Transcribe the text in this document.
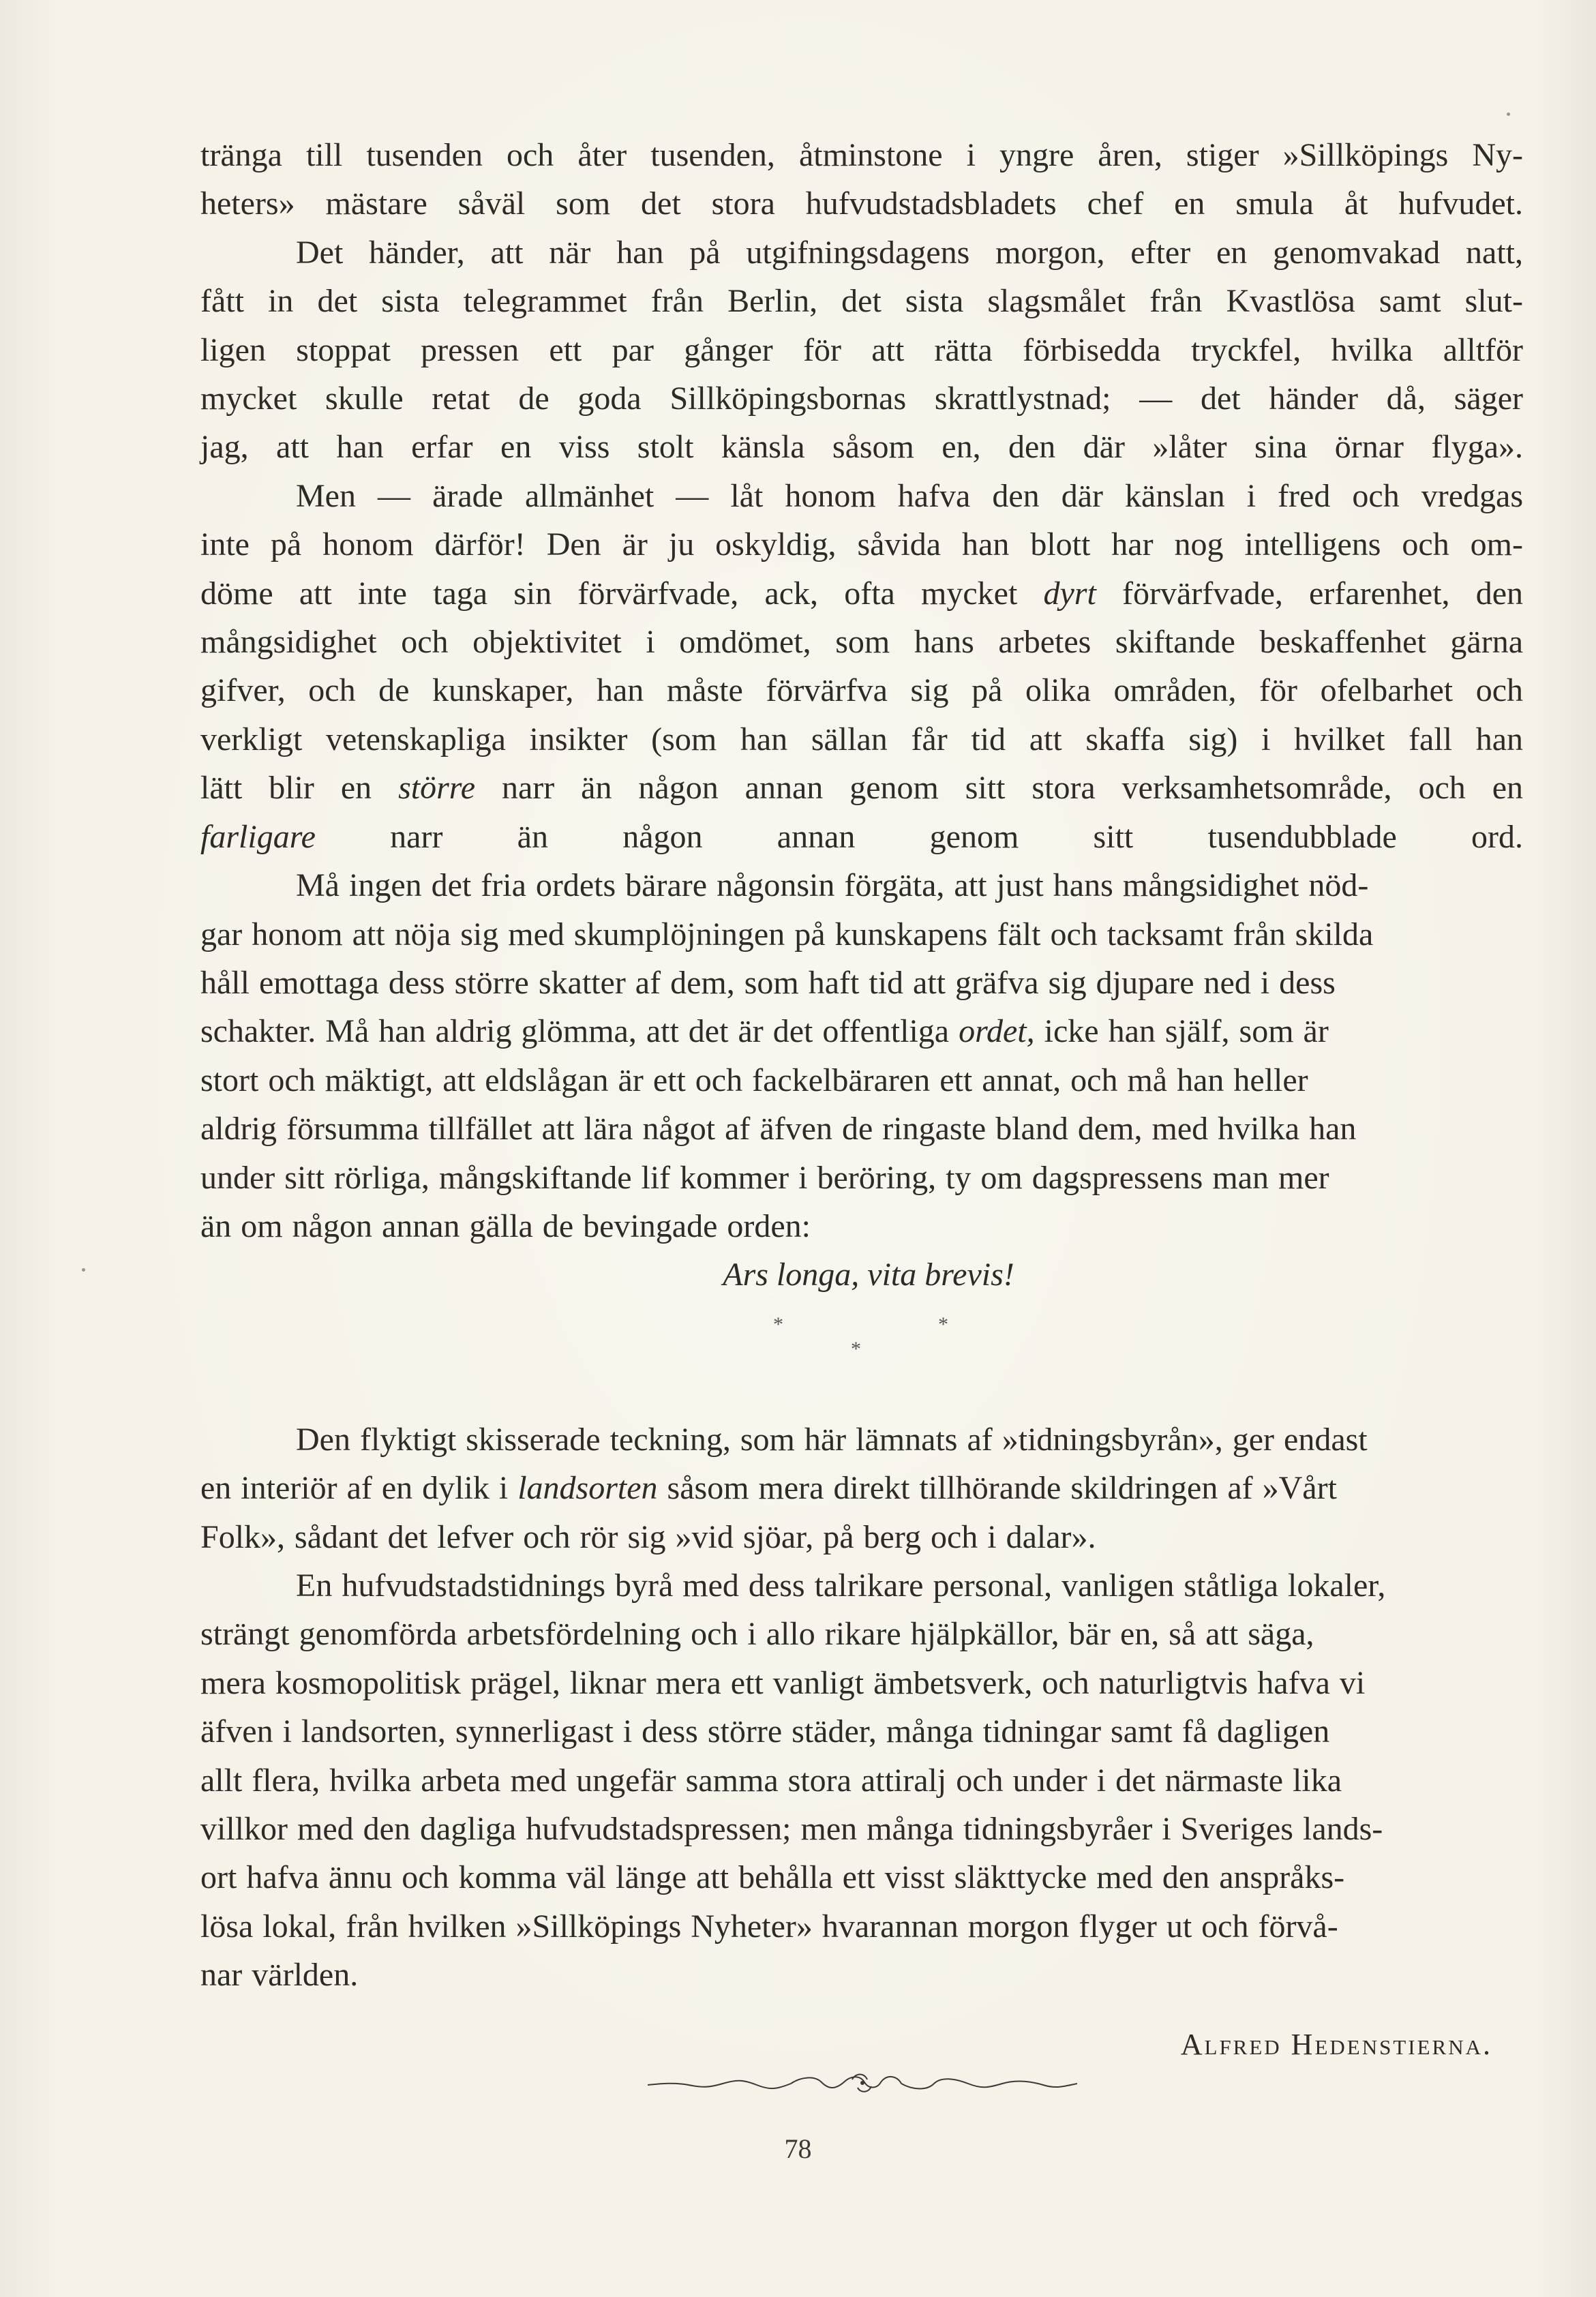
tränga till tusenden och åter tusenden, åtminstone i yngre åren, stiger »Sillköpings Ny-
heters» mästare såväl som det stora hufvudstadsbladets chef en smula åt hufvudet.

Det händer, att när han på utgifningsdagens morgon, efter en genomvakad natt,
fått in det sista telegrammet från Berlin, det sista slagsmålet från Kvastlösa samt slut-
ligen stoppat pressen ett par gånger för att rätta förbisedda tryckfel, hvilka alltför
mycket skulle retat de goda Sillköpingsbornas skrattlystnad; — det händer då, säger
jag, att han erfar en viss stolt känsla såsom en, den där »låter sina örnar flyga».

Men — ärade allmänhet — låt honom hafva den där känslan i fred och vredgas
inte på honom därför! Den är ju oskyldig, såvida han blott har nog intelligens och om-
döme att inte taga sin förvärfvade, ack, ofta mycket dyrt förvärfvade, erfarenhet, den
mångsidighet och objektivitet i omdömet, som hans arbetes skiftande beskaffenhet gärna
gifver, och de kunskaper, han måste förvärfva sig på olika områden, för ofelbarhet och
verkligt vetenskapliga insikter (som han sällan får tid att skaffa sig) i hvilket fall han
lätt blir en större narr än någon annan genom sitt stora verksamhetsområde, och en
farligare narr än någon annan genom sitt tusendubblade ord.

Må ingen det fria ordets bärare någonsin förgäta, att just hans mångsidighet nöd-
gar honom att nöja sig med skumplöjningen på kunskapens fält och tacksamt från skilda
håll emottaga dess större skatter af dem, som haft tid att gräfva sig djupare ned i dess
schakter. Må han aldrig glömma, att det är det offentliga ordet, icke han själf, som är
stort och mäktigt, att eldslågan är ett och fackelbäraren ett annat, och må han heller
aldrig försumma tillfället att lära något af äfven de ringaste bland dem, med hvilka han
under sitt rörliga, mångskiftande lif kommer i beröring, ty om dagspressens man mer
än om någon annan gälla de bevingade orden:

Ars longa, vita brevis!

*	*
*

Den flyktigt skisserade teckning, som här lämnats af »tidningsbyrån», ger endast
en interiör af en dylik i landsorten såsom mera direkt tillhörande skildringen af »Vårt
Folk», sådant det lefver och rör sig »vid sjöar, på berg och i dalar».

En hufvudstadstidnings byrå med dess talrikare personal, vanligen ståtliga lokaler,
strängt genomförda arbetsfördelning och i allo rikare hjälpkällor, bär en, så att säga,
mera kosmopolitisk prägel, liknar mera ett vanligt ämbetsverk, och naturligtvis hafva vi
äfven i landsorten, synnerligast i dess större städer, många tidningar samt få dagligen
allt flera, hvilka arbeta med ungefär samma stora attiralj och under i det närmaste lika
villkor med den dagliga hufvudstadspressen; men många tidningsbyråer i Sveriges lands-
ort hafva ännu och komma väl länge att behålla ett visst släkttycke med den anspråks-
lösa lokal, från hvilken »Sillköpings Nyheter» hvarannan morgon flyger ut och förvå-
nar världen.

Alfred Hedenstierna.

78
